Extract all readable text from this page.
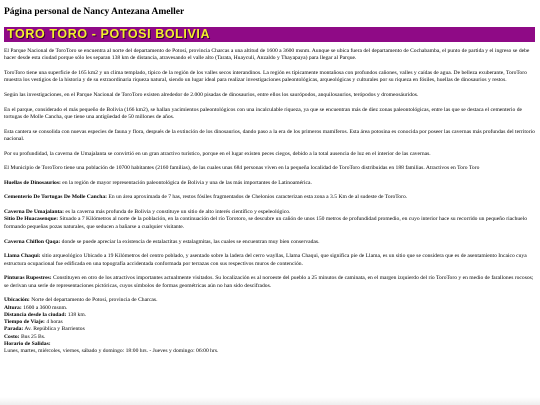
Página personal de Nancy Antezana Ameller
TORO TORO - POTOSI BOLIVIA

El Parque Nacional de ToroToro se encuentra al norte del departamento de Potosí, provincia Charcas a una altitud de 1600 a 3600 msnm. Aunque se ubica fuera del departamento de Cochabamba, el punto de partida y el ingreso se debe hacer desde esta ciudad porque sólo les separan 138 km de distancia, atravesando el valle alto (Tarata, Huayculi, Anzaldo y Thayapaya) para llegar al Parque.

ToroToro tiene una superficie de 165 km2 y un clima templado, típico de la región de los valles secos interandinos. La región es típicamente montañosa con profundos cañones, valles y caídas de agua. De belleza exuberante, ToroToro muestra los vestigios de la historia y de su extraordinaria riqueza natural, siendo un lugar ideal para realizar investigaciones paleontológicas, arqueológicas y culturales por su riqueza en fósiles, huellas de dinosaurios y restos.

Según las investigaciones, en el Parque Nacional de ToroToro existen alrededor de 2.000 pisadas de dinosaurios, entre ellos los saurópodos, anquilosaurios, terópodos y dromeosáuridos.

En el parque, considerado el más pequeño de Bolivia (166 km2), se hallan yacimientos paleontológicos con una incalculable riqueza, ya que se encuentran más de diez zonas paleontológicas, entre las que se destaca el cementerio de tortugas de Molle Cancha, que tiene una antigüedad de 50 millones de años.

Esta cantera se consolida con nuevas especies de fauna y flora, después de la extinción de los dinosaurios, dando paso a la era de los primeros mamíferos. Esta área potosina es conocida por poseer las cavernas más profundas del territorio nacional.

Por su profundidad, la caverna de Umajalanta se convirtió en un gran atractivo turístico, porque en el lugar existen peces ciegos, debido a la total ausencia de luz en el interior de las cavernas.

El Municipio de ToroToro tiene una población de 10700 habitantes (2160 familias), de las cuales unas 684 personas viven en la pequeña localidad de ToroToro distribuidas en 188 familias. Atractivos en Toro Toro

Huellas de Dinosaurios: en la región de mayor representación paleontológica de Bolivia y una de las más importantes de Latinoamérica.
Cementerio De Tortugas De Molle Cancha: En un área aproximada de 7 has, restos fósiles fragmentados de Chelonios caracterizan esta zona a 3.5 Km de al sudeste de ToroToro.
Caverna De Umajalanta: es la caverna más profunda de Bolivia y constituye un sitio de alto interés científico y espeleológico.
Sitio De Huacasenque: Situado a 7 Kilómetros al norte de la población, en la continuación del río Torotoro, se descubre un cañón de unos 150 metros de profundidad promedio, en cuyo interior hace su recorrido un pequeño riachuelo formando pequeñas pozas naturales, que seducen a bañarse a cualquier visitante.
Caverna Chiflon Qaqa: donde se puede apreciar la existencia de estalactitas y estalagmitas, las cuales se encuentran muy bien conservadas.
Llama Chaqui: sitio arqueológico Ubicado a 19 Kilómetros del centro poblado, y asentado sobre la ladera del cerro wayllas, Llama Chaqui, que significa pie de Llama, es un sitio que se considera que es de asentamiento Incaico cuya estructura ocupacional fue edificada en una topografía accidentada conformada por terrazas con sus respectivos muros de contención.
Pinturas Rupestres: Constituyen en otro de los atractivos importantes actualmente visitados. Su localización es al noroeste del pueblo a 25 minutos de caminata, en el margen izquierdo del río ToroToro y en medio de farallones rocosos; se derivan una serie de representaciones pictóricas, cuyos símbolos de formas geométricas aún no han sido descifrados.
Ubicación: Norte del departamento de Potosí, provincia de Charcas.
Altura: 1600 a 3600 msnm.
Distancia desde la ciudad: 138 km.
Tiempo de Viaje: 4 horas
Parada: Av. República y Barrientos
Costo: Bus 25 Bs.
Horario de Salidas:
Lunes, martes, miércoles, viernes, sábado y domingo: 18:00 hrs. - Jueves y domingo: 06:00 hrs.
